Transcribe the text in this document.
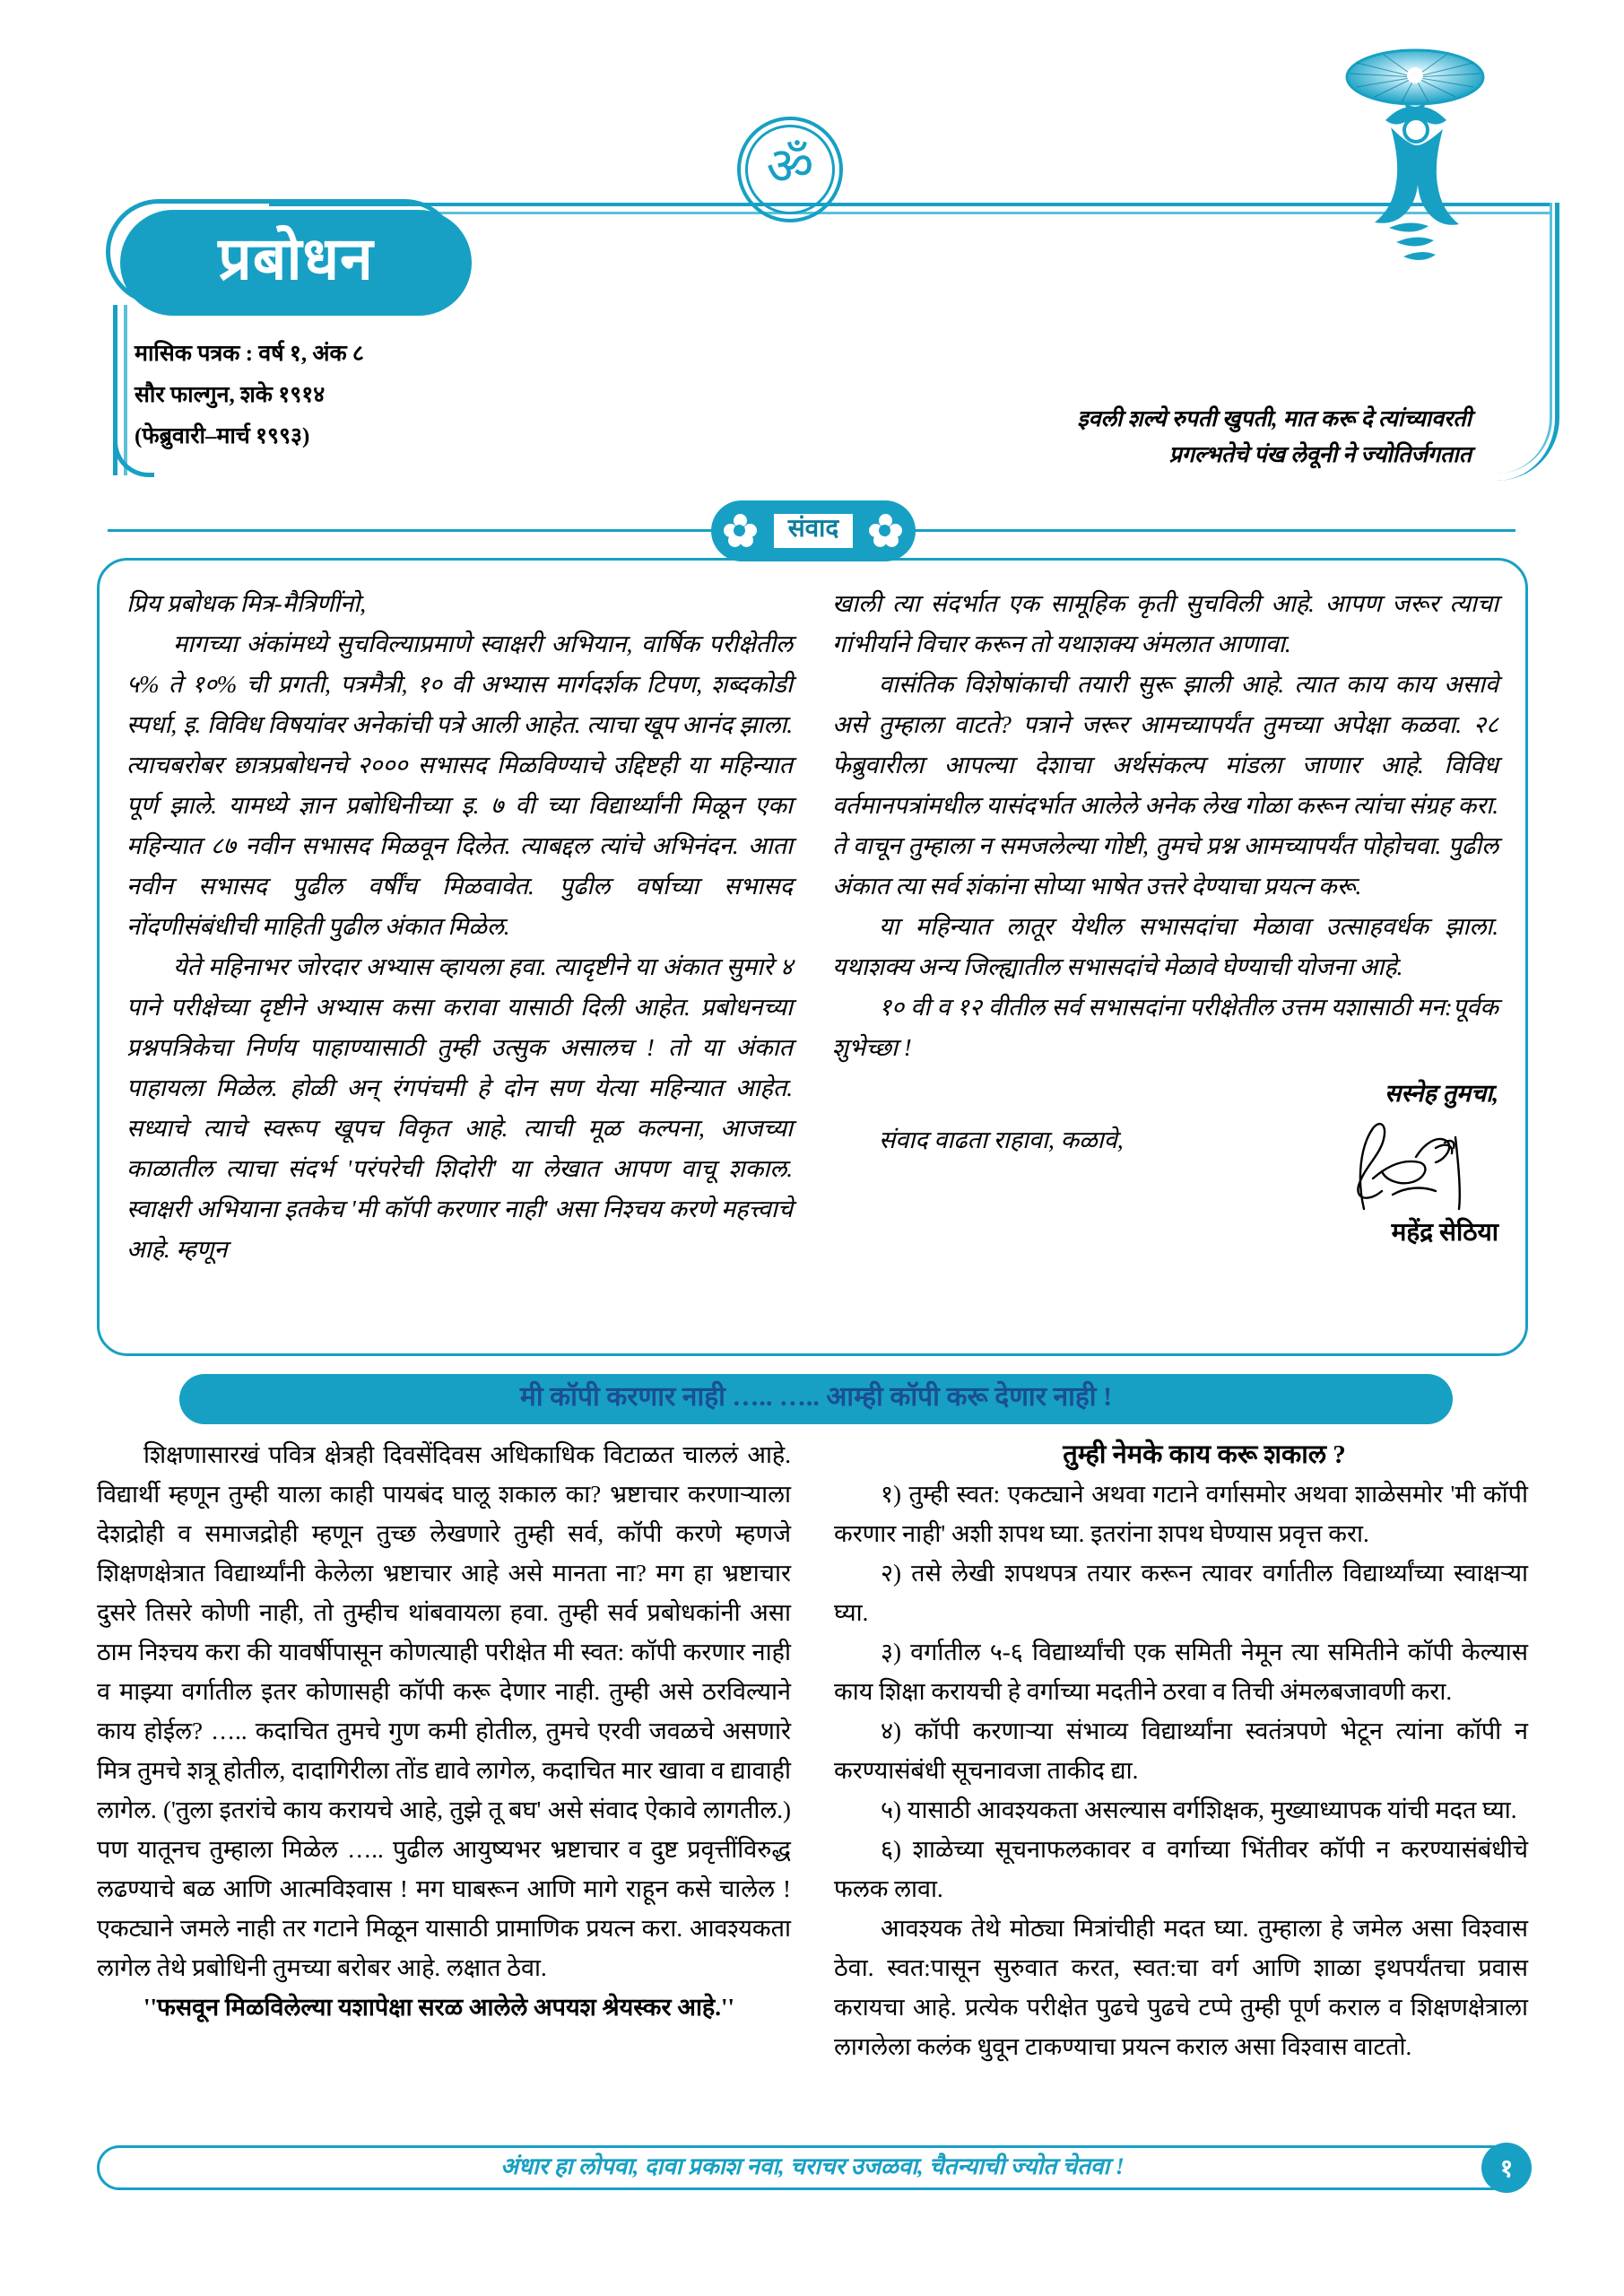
प्रबोधन
मासिक पत्रक : वर्ष १, अंक ८
सौर फाल्गुन, शके १९१४
(फेब्रुवारी–मार्च १९९३)
इवली शल्ये रुपती खुपती, मात करू दे त्यांच्यावरती
प्रगल्भतेचे पंख लेवूनी ने ज्योतिर्जगतात
ॐ
संवाद

प्रिय प्रबोधक मित्र-मैत्रिणींनो,

मागच्या अंकांमध्ये सुचविल्याप्रमाणे स्वाक्षरी अभियान, वार्षिक परीक्षेतील ५% ते १०% ची प्रगती, पत्रमैत्री, १० वी अभ्यास मार्गदर्शक टिपण, शब्दकोडी स्पर्धा, इ. विविध विषयांवर अनेकांची पत्रे आली आहेत. त्याचा खूप आनंद झाला. त्याचबरोबर छात्रप्रबोधनचे २००० सभासद मिळविण्याचे उद्दिष्टही या महिन्यात पूर्ण झाले. यामध्ये ज्ञान प्रबोधिनीच्या इ. ७ वी च्या विद्यार्थ्यांनी मिळून एका महिन्यात ८७ नवीन सभासद मिळवून दिलेत. त्याबद्दल त्यांचे अभिनंदन. आता नवीन सभासद पुढील वर्षींच मिळवावेत. पुढील वर्षाच्या सभासद नोंदणीसंबंधीची माहिती पुढील अंकात मिळेल.

येते महिनाभर जोरदार अभ्यास व्हायला हवा. त्यादृष्टीने या अंकात सुमारे ४ पाने परीक्षेच्या दृष्टीने अभ्यास कसा करावा यासाठी दिली आहेत. प्रबोधनच्या प्रश्नपत्रिकेचा निर्णय पाहाण्यासाठी तुम्ही उत्सुक असालच ! तो या अंकात पाहायला मिळेल. होळी अन् रंगपंचमी हे दोन सण येत्या महिन्यात आहेत. सध्याचे त्याचे स्वरूप खूपच विकृत आहे. त्याची मूळ कल्पना, आजच्या काळातील त्याचा संदर्भ 'परंपरेची शिदोरी' या लेखात आपण वाचू शकाल. स्वाक्षरी अभियाना इतकेच 'मी कॉपी करणार नाही' असा निश्चय करणे महत्त्वाचे आहे. म्हणून

खाली त्या संदर्भात एक सामूहिक कृती सुचविली आहे. आपण जरूर त्याचा गांभीर्याने विचार करून तो यथाशक्य अंमलात आणावा.

वासंतिक विशेषांकाची तयारी सुरू झाली आहे. त्यात काय काय असावे असे तुम्हाला वाटते? पत्राने जरूर आमच्यापर्यंत तुमच्या अपेक्षा कळवा. २८ फेब्रुवारीला आपल्या देशाचा अर्थसंकल्प मांडला जाणार आहे. विविध वर्तमानपत्रांमधील यासंदर्भात आलेले अनेक लेख गोळा करून त्यांचा संग्रह करा. ते वाचून तुम्हाला न समजलेल्या गोष्टी, तुमचे प्रश्न आमच्यापर्यंत पोहोचवा. पुढील अंकात त्या सर्व शंकांना सोप्या भाषेत उत्तरे देण्याचा प्रयत्न करू.

या महिन्यात लातूर येथील सभासदांचा मेळावा उत्साहवर्धक झाला. यथाशक्य अन्य जिल्ह्यातील सभासदांचे मेळावे घेण्याची योजना आहे.

१० वी व १२ वीतील सर्व सभासदांना परीक्षेतील उत्तम यशासाठी मन:पूर्वक शुभेच्छा !

संवाद वाढता राहावा, कळावे,
सस्नेह तुमचा,
महेंद्र सेठिया
मी कॉपी करणार नाही ….. ….. आम्ही कॉपी करू देणार नाही !

शिक्षणासारखं पवित्र क्षेत्रही दिवसेंदिवस अधिकाधिक विटाळत चाललं आहे. विद्यार्थी म्हणून तुम्ही याला काही पायबंद घालू शकाल का? भ्रष्टाचार करणाऱ्याला देशद्रोही व समाजद्रोही म्हणून तुच्छ लेखणारे तुम्ही सर्व, कॉपी करणे म्हणजे शिक्षणक्षेत्रात विद्यार्थ्यांनी केलेला भ्रष्टाचार आहे असे मानता ना? मग हा भ्रष्टाचार दुसरे तिसरे कोणी नाही, तो तुम्हीच थांबवायला हवा. तुम्ही सर्व प्रबोधकांनी असा ठाम निश्चय करा की यावर्षीपासून कोणत्याही परीक्षेत मी स्वत: कॉपी करणार नाही व माझ्या वर्गातील इतर कोणासही कॉपी करू देणार नाही. तुम्ही असे ठरविल्याने काय होईल? ….. कदाचित तुमचे गुण कमी होतील, तुमचे एरवी जवळचे असणारे मित्र तुमचे शत्रू होतील, दादागिरीला तोंड द्यावे लागेल, कदाचित मार खावा व द्यावाही लागेल. ('तुला इतरांचे काय करायचे आहे, तुझे तू बघ' असे संवाद ऐकावे लागतील.) पण यातूनच तुम्हाला मिळेल ….. पुढील आयुष्यभर भ्रष्टाचार व दुष्ट प्रवृत्तींविरुद्ध लढण्याचे बळ आणि आत्मविश्वास ! मग घाबरून आणि मागे राहून कसे चालेल ! एकट्याने जमले नाही तर गटाने मिळून यासाठी प्रामाणिक प्रयत्न करा. आवश्यकता लागेल तेथे प्रबोधिनी तुमच्या बरोबर आहे. लक्षात ठेवा.

''फसवून मिळविलेल्या यशापेक्षा सरळ आलेले अपयश श्रेयस्कर आहे.''

तुम्ही नेमके काय करू शकाल ?

१) तुम्ही स्वत: एकट्याने अथवा गटाने वर्गासमोर अथवा शाळेसमोर 'मी कॉपी करणार नाही' अशी शपथ घ्या. इतरांना शपथ घेण्यास प्रवृत्त करा.

२) तसे लेखी शपथपत्र तयार करून त्यावर वर्गातील विद्यार्थ्यांच्या स्वाक्षऱ्या घ्या.

३) वर्गातील ५-६ विद्यार्थ्यांची एक समिती नेमून त्या समितीने कॉपी केल्यास काय शिक्षा करायची हे वर्गाच्या मदतीने ठरवा व तिची अंमलबजावणी करा.

४) कॉपी करणाऱ्या संभाव्य विद्यार्थ्यांना स्वतंत्रपणे भेटून त्यांना कॉपी न करण्यासंबंधी सूचनावजा ताकीद द्या.

५) यासाठी आवश्यकता असल्यास वर्गशिक्षक, मुख्याध्यापक यांची मदत घ्या.

६) शाळेच्या सूचनाफलकावर व वर्गाच्या भिंतीवर कॉपी न करण्यासंबंधीचे फलक लावा.

आवश्यक तेथे मोठ्या मित्रांचीही मदत घ्या. तुम्हाला हे जमेल असा विश्वास ठेवा. स्वत:पासून सुरुवात करत, स्वत:चा वर्ग आणि शाळा इथपर्यंतचा प्रवास करायचा आहे. प्रत्येक परीक्षेत पुढचे पुढचे टप्पे तुम्ही पूर्ण कराल व शिक्षणक्षेत्राला लागलेला कलंक धुवून टाकण्याचा प्रयत्न कराल असा विश्वास वाटतो.

अंधार हा लोपवा, दावा प्रकाश नवा, चराचर उजळवा, चैतन्याची ज्योत चेतवा !	१
